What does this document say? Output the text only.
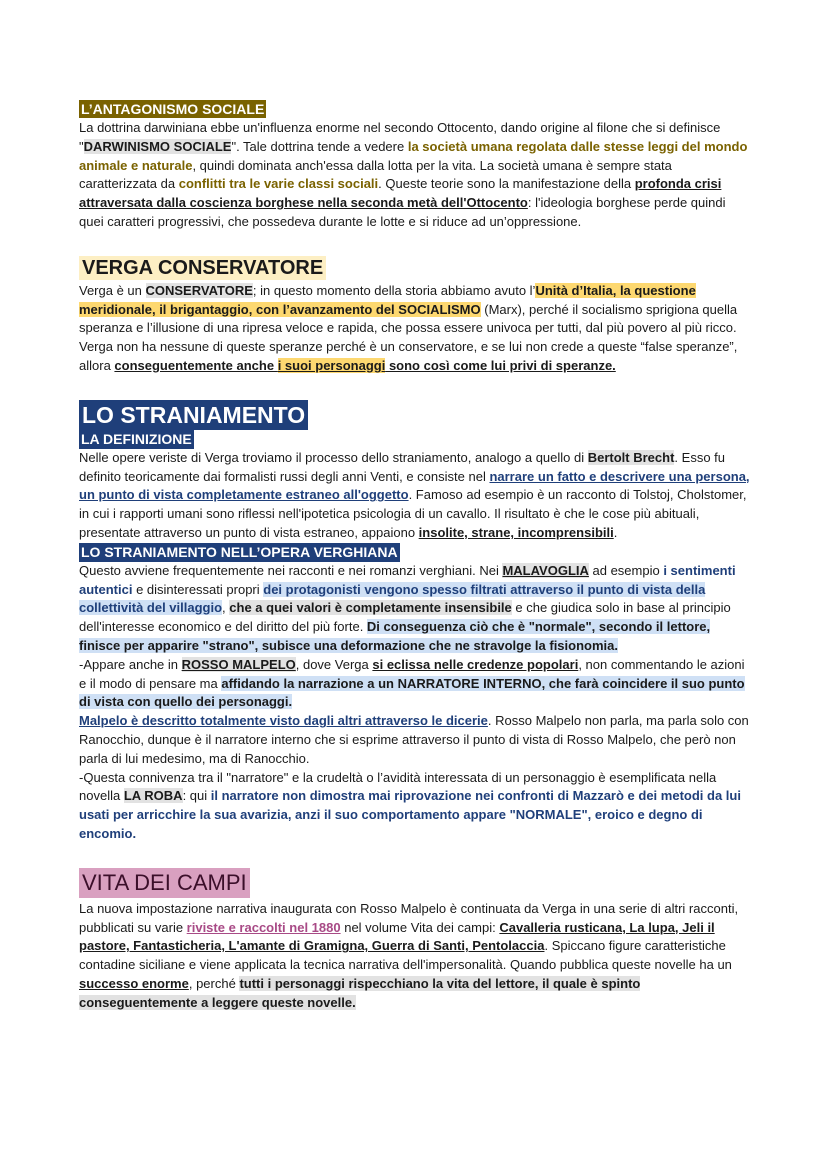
L’ANTAGONISMO SOCIALE

La dottrina darwiniana ebbe un'influenza enorme nel secondo Ottocento, dando origine al filone che si definisce "DARWINISMO SOCIALE". Tale dottrina tende a vedere la società umana regolata dalle stesse leggi del mondo animale e naturale, quindi dominata anch'essa dalla lotta per la vita. La società umana è sempre stata caratterizzata da conflitti tra le varie classi sociali. Queste teorie sono la manifestazione della profonda crisi attraversata dalla coscienza borghese nella seconda metà dell'Ottocento: l'ideologia borghese perde quindi quei caratteri progressivi, che possedeva durante le lotte e si riduce ad un’oppressione.

VERGA CONSERVATORE

Verga è un CONSERVATORE; in questo momento della storia abbiamo avuto l’Unità d’Italia, la questione meridionale, il brigantaggio, con l’avanzamento del SOCIALISMO (Marx), perché il socialismo sprigiona quella speranza e l’illusione di una ripresa veloce e rapida, che possa essere univoca per tutti, dal più povero al più ricco. Verga non ha nessune di queste speranze perché è un conservatore, e se lui non crede a queste “false speranze”, allora conseguentemente anche i suoi personaggi sono così come lui privi di speranze.

LO STRANIAMENTO
LA DEFINIZIONE

Nelle opere veriste di Verga troviamo il processo dello straniamento, analogo a quello di Bertolt Brecht. Esso fu definito teoricamente dai formalisti russi degli anni Venti, e consiste nel narrare un fatto e descrivere una persona, un punto di vista completamente estraneo all'oggetto. Famoso ad esempio è un racconto di Tolstoj, Cholstomer, in cui i rapporti umani sono riflessi nell'ipotetica psicologia di un cavallo. Il risultato è che le cose più abituali, presentate attraverso un punto di vista estraneo, appaiono insolite, strane, incomprensibili.

LO STRANIAMENTO NELL’OPERA VERGHIANA

Questo avviene frequentemente nei racconti e nei romanzi verghiani. Nei MALAVOGLIA ad esempio i sentimenti autentici e disinteressati propri dei protagonisti vengono spesso filtrati attraverso il punto di vista della collettività del villaggio, che a quei valori è completamente insensibile e che giudica solo in base al principio dell'interesse economico e del diritto del più forte. Di conseguenza ciò che è "normale", secondo il lettore, finisce per apparire "strano", subisce una deformazione che ne stravolge la fisionomia.

-Appare anche in ROSSO MALPELO, dove Verga si eclissa nelle credenze popolari, non commentando le azioni e il modo di pensare ma affidando la narrazione a un NARRATORE INTERNO, che farà coincidere il suo punto di vista con quello dei personaggi.

Malpelo è descritto totalmente visto dagli altri attraverso le dicerie. Rosso Malpelo non parla, ma parla solo con Ranocchio, dunque è il narratore interno che si esprime attraverso il punto di vista di Rosso Malpelo, che però non parla di lui medesimo, ma di Ranocchio.

-Questa connivenza tra il "narratore" e la crudeltà o l’avidità interessata di un personaggio è esemplificata nella novella LA ROBA: qui il narratore non dimostra mai riprovazione nei confronti di Mazzarò e dei metodi da lui usati per arricchire la sua avarizia, anzi il suo comportamento appare "NORMALE", eroico e degno di encomio.

VITA DEI CAMPI

La nuova impostazione narrativa inaugurata con Rosso Malpelo è continuata da Verga in una serie di altri racconti, pubblicati su varie riviste e raccolti nel 1880 nel volume Vita dei campi: Cavalleria rusticana, La lupa, Jeli il pastore, Fantasticheria, L'amante di Gramigna, Guerra di Santi, Pentolaccia. Spiccano figure caratteristiche contadine siciliane e viene applicata la tecnica narrativa dell'impersonalità. Quando pubblica queste novelle ha un successo enorme, perché tutti i personaggi rispecchiano la vita del lettore, il quale è spinto conseguentemente a leggere queste novelle.
